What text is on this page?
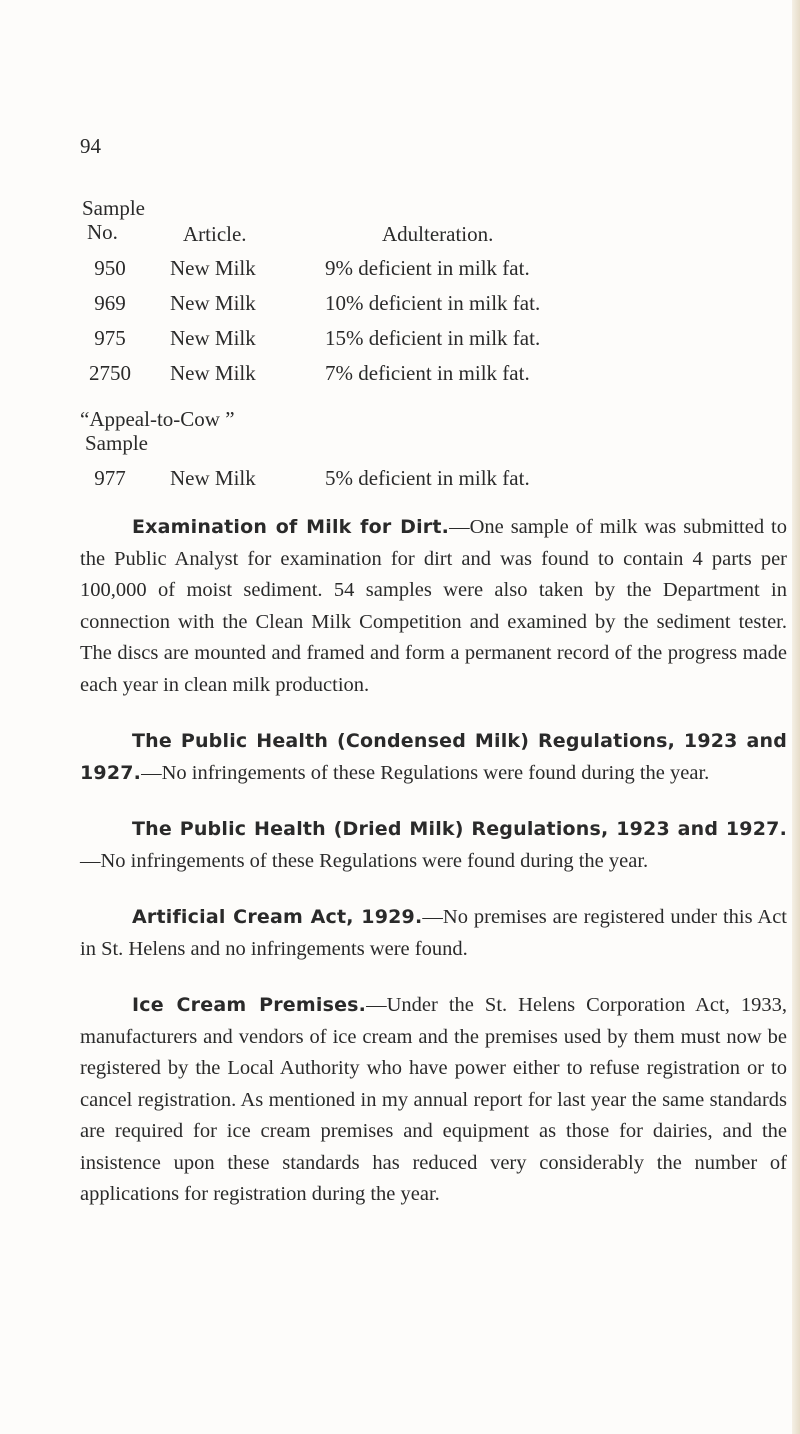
94
Sample
No.	Article.	Adulteration.
950	New Milk	9% deficient in milk fat.
969	New Milk	10% deficient in milk fat.
975	New Milk	15% deficient in milk fat.
2750	New Milk	7% deficient in milk fat.
“Appeal-to-Cow ”
Sample
977	New Milk	5% deficient in milk fat.

Examination of Milk for Dirt.—One sample of milk was submitted to the Public Analyst for examination for dirt and was found to contain 4 parts per 100,000 of moist sediment. 54 samples were also taken by the Department in connection with the Clean Milk Competition and examined by the sediment tester. The discs are mounted and framed and form a permanent record of the progress made each year in clean milk production.

The Public Health (Condensed Milk) Regulations, 1923 and 1927.—No infringements of these Regulations were found during the year.

The Public Health (Dried Milk) Regulations, 1923 and 1927.—No infringements of these Regulations were found during the year.

Artificial Cream Act, 1929.—No premises are registered under this Act in St. Helens and no infringements were found.

Ice Cream Premises.—Under the St. Helens Corporation Act, 1933, manufacturers and vendors of ice cream and the premises used by them must now be registered by the Local Authority who have power either to refuse registration or to cancel registration. As mentioned in my annual report for last year the same standards are required for ice cream premises and equipment as those for dairies, and the insistence upon these standards has reduced very considerably the number of applications for registration during the year.
